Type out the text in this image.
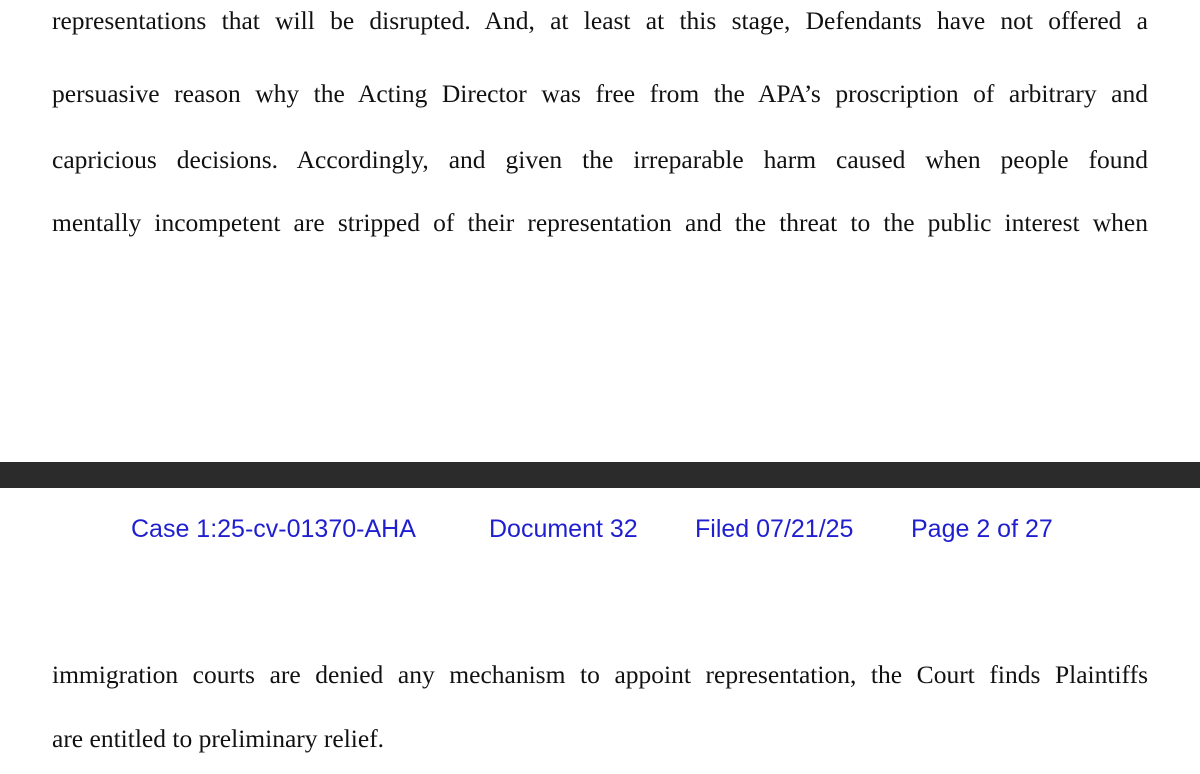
representations that will be disrupted. And, at least at this stage, Defendants have not offered a

persuasive reason why the Acting Director was free from the APA’s proscription of arbitrary and

capricious decisions. Accordingly, and given the irreparable harm caused when people found

mentally incompetent are stripped of their representation and the threat to the public interest when

Case 1:25-cv-01370-AHA	Document 32 Filed 07/21/25 Page 2 of 27

immigration courts are denied any mechanism to appoint representation, the Court finds Plaintiffs

are entitled to preliminary relief.
